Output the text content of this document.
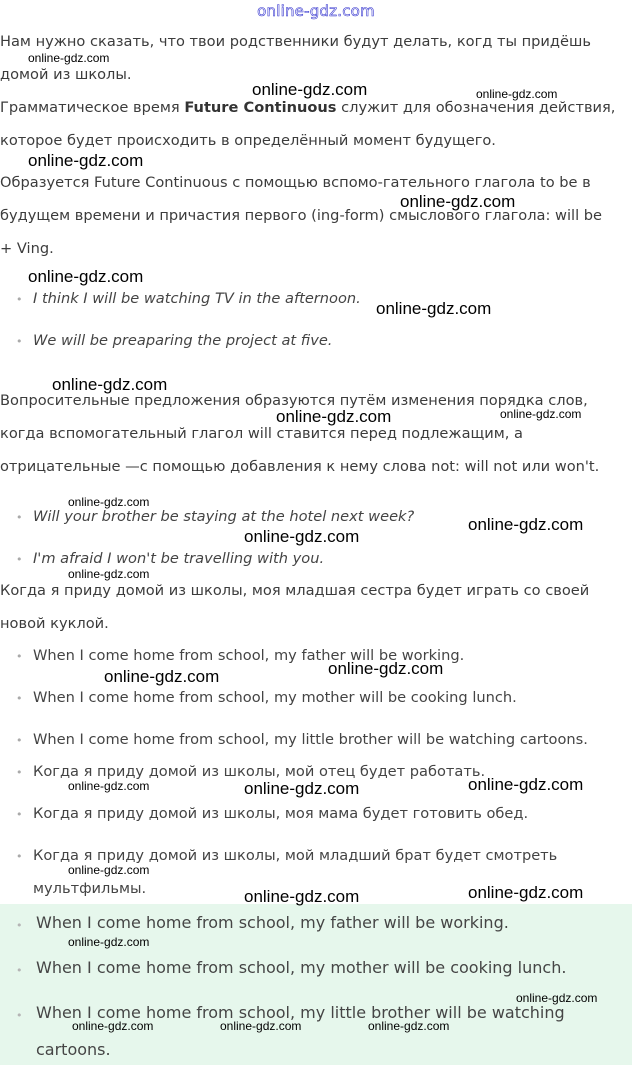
online-gdz.com
Нам нужно сказать, что твои родственники будут делать, когд ты придёшь
домой из школы.
Грамматическое время Future Continuous служит для обозначения действия,
которое будет происходить в определённый момент будущего.
Образуется Future Continuous с помощью вспомо-гательного глагола to be в
будущем времени и причастия первого (ing-form) смыслового глагола: will be
+ Ving.
• I think I will be watching TV in the afternoon.
• We will be preaparing the project at five.
Вопросительные предложения образуются путём изменения порядка слов,
когда вспомогательный глагол will ставится перед подлежащим, а
отрицательные —с помощью добавления к нему слова not: will not или won't.
• Will your brother be staying at the hotel next week?
• I'm afraid I won't be travelling with you.
Когда я приду домой из школы, моя младшая сестра будет играть со своей
новой куклой.
• When I come home from school, my father will be working.
• When I come home from school, my mother will be cooking lunch.
• When I come home from school, my little brother will be watching cartoons.
• Когда я приду домой из школы, мой отец будет работать.
• Когда я приду домой из школы, моя мама будет готовить обед.
• Когда я приду домой из школы, мой младший брат будет смотреть
мультфильмы.
• When I come home from school, my father will be working.
• When I come home from school, my mother will be cooking lunch.
• When I come home from school, my little brother will be watching
cartoons.
online-gdz.com
online-gdz.com	online-gdz.com
online-gdz.com
online-gdz.com
online-gdz.com
online-gdz.com
online-gdz.com
online-gdz.com	online-gdz.com
online-gdz.com
online-gdz.com
online-gdz.com
online-gdz.com
online-gdz.com
online-gdz.com
online-gdz.com
online-gdz.com	online-gdz.com
online-gdz.com
online-gdz.com	online-gdz.com
online-gdz.com
online-gdz.com
online-gdz.com	online-gdz.com	online-gdz.com
